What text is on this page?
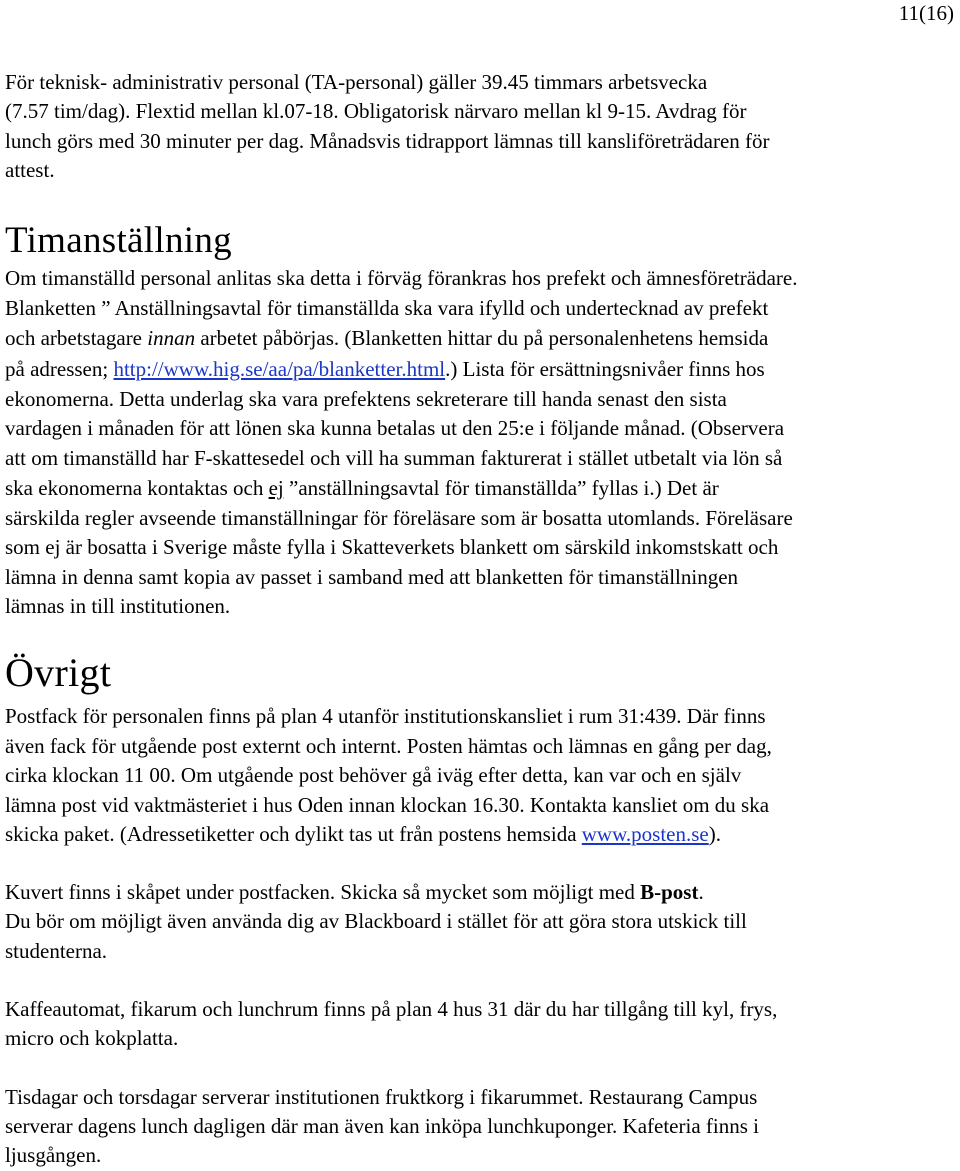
11(16)
För teknisk- administrativ personal (TA-personal) gäller 39.45 timmars arbetsvecka
(7.57 tim/dag). Flextid mellan kl.07-18. Obligatorisk närvaro mellan kl 9-15. Avdrag för
lunch görs med 30 minuter per dag. Månadsvis tidrapport lämnas till kansliföreträdaren för
attest.
Timanställning
Om timanställd personal anlitas ska detta i förväg förankras hos prefekt och ämnesföreträdare.
Blanketten ” Anställningsavtal för timanställda ska vara ifylld och undertecknad av prefekt
och arbetstagare innan arbetet påbörjas. (Blanketten hittar du på personalenhetens hemsida
på adressen; http://www.hig.se/aa/pa/blanketter.html.) Lista för ersättningsnivåer finns hos
ekonomerna. Detta underlag ska vara prefektens sekreterare till handa senast den sista
vardagen i månaden för att lönen ska kunna betalas ut den 25:e i följande månad. (Observera
att om timanställd har F-skattesedel och vill ha summan fakturerat i stället utbetalt via lön så
ska ekonomerna kontaktas och ej ”anställningsavtal för timanställda” fyllas i.) Det är
särskilda regler avseende timanställningar för föreläsare som är bosatta utomlands. Föreläsare
som ej är bosatta i Sverige måste fylla i Skatteverkets blankett om särskild inkomstskatt och
lämna in denna samt kopia av passet i samband med att blanketten för timanställningen
lämnas in till institutionen.
Övrigt
Postfack för personalen finns på plan 4 utanför institutionskansliet i rum 31:439. Där finns
även fack för utgående post externt och internt. Posten hämtas och lämnas en gång per dag,
cirka klockan 11 00. Om utgående post behöver gå iväg efter detta, kan var och en själv
lämna post vid vaktmästeriet i hus Oden innan klockan 16.30. Kontakta kansliet om du ska
skicka paket. (Adressetiketter och dylikt tas ut från postens hemsida www.posten.se).
Kuvert finns i skåpet under postfacken. Skicka så mycket som möjligt med B-post.
Du bör om möjligt även använda dig av Blackboard i stället för att göra stora utskick till
studenterna.
Kaffeautomat, fikarum och lunchrum finns på plan 4 hus 31 där du har tillgång till kyl, frys,
micro och kokplatta.
Tisdagar och torsdagar serverar institutionen fruktkorg i fikarummet. Restaurang Campus
serverar dagens lunch dagligen där man även kan inköpa lunchkuponger. Kafeteria finns i
ljusgången.
